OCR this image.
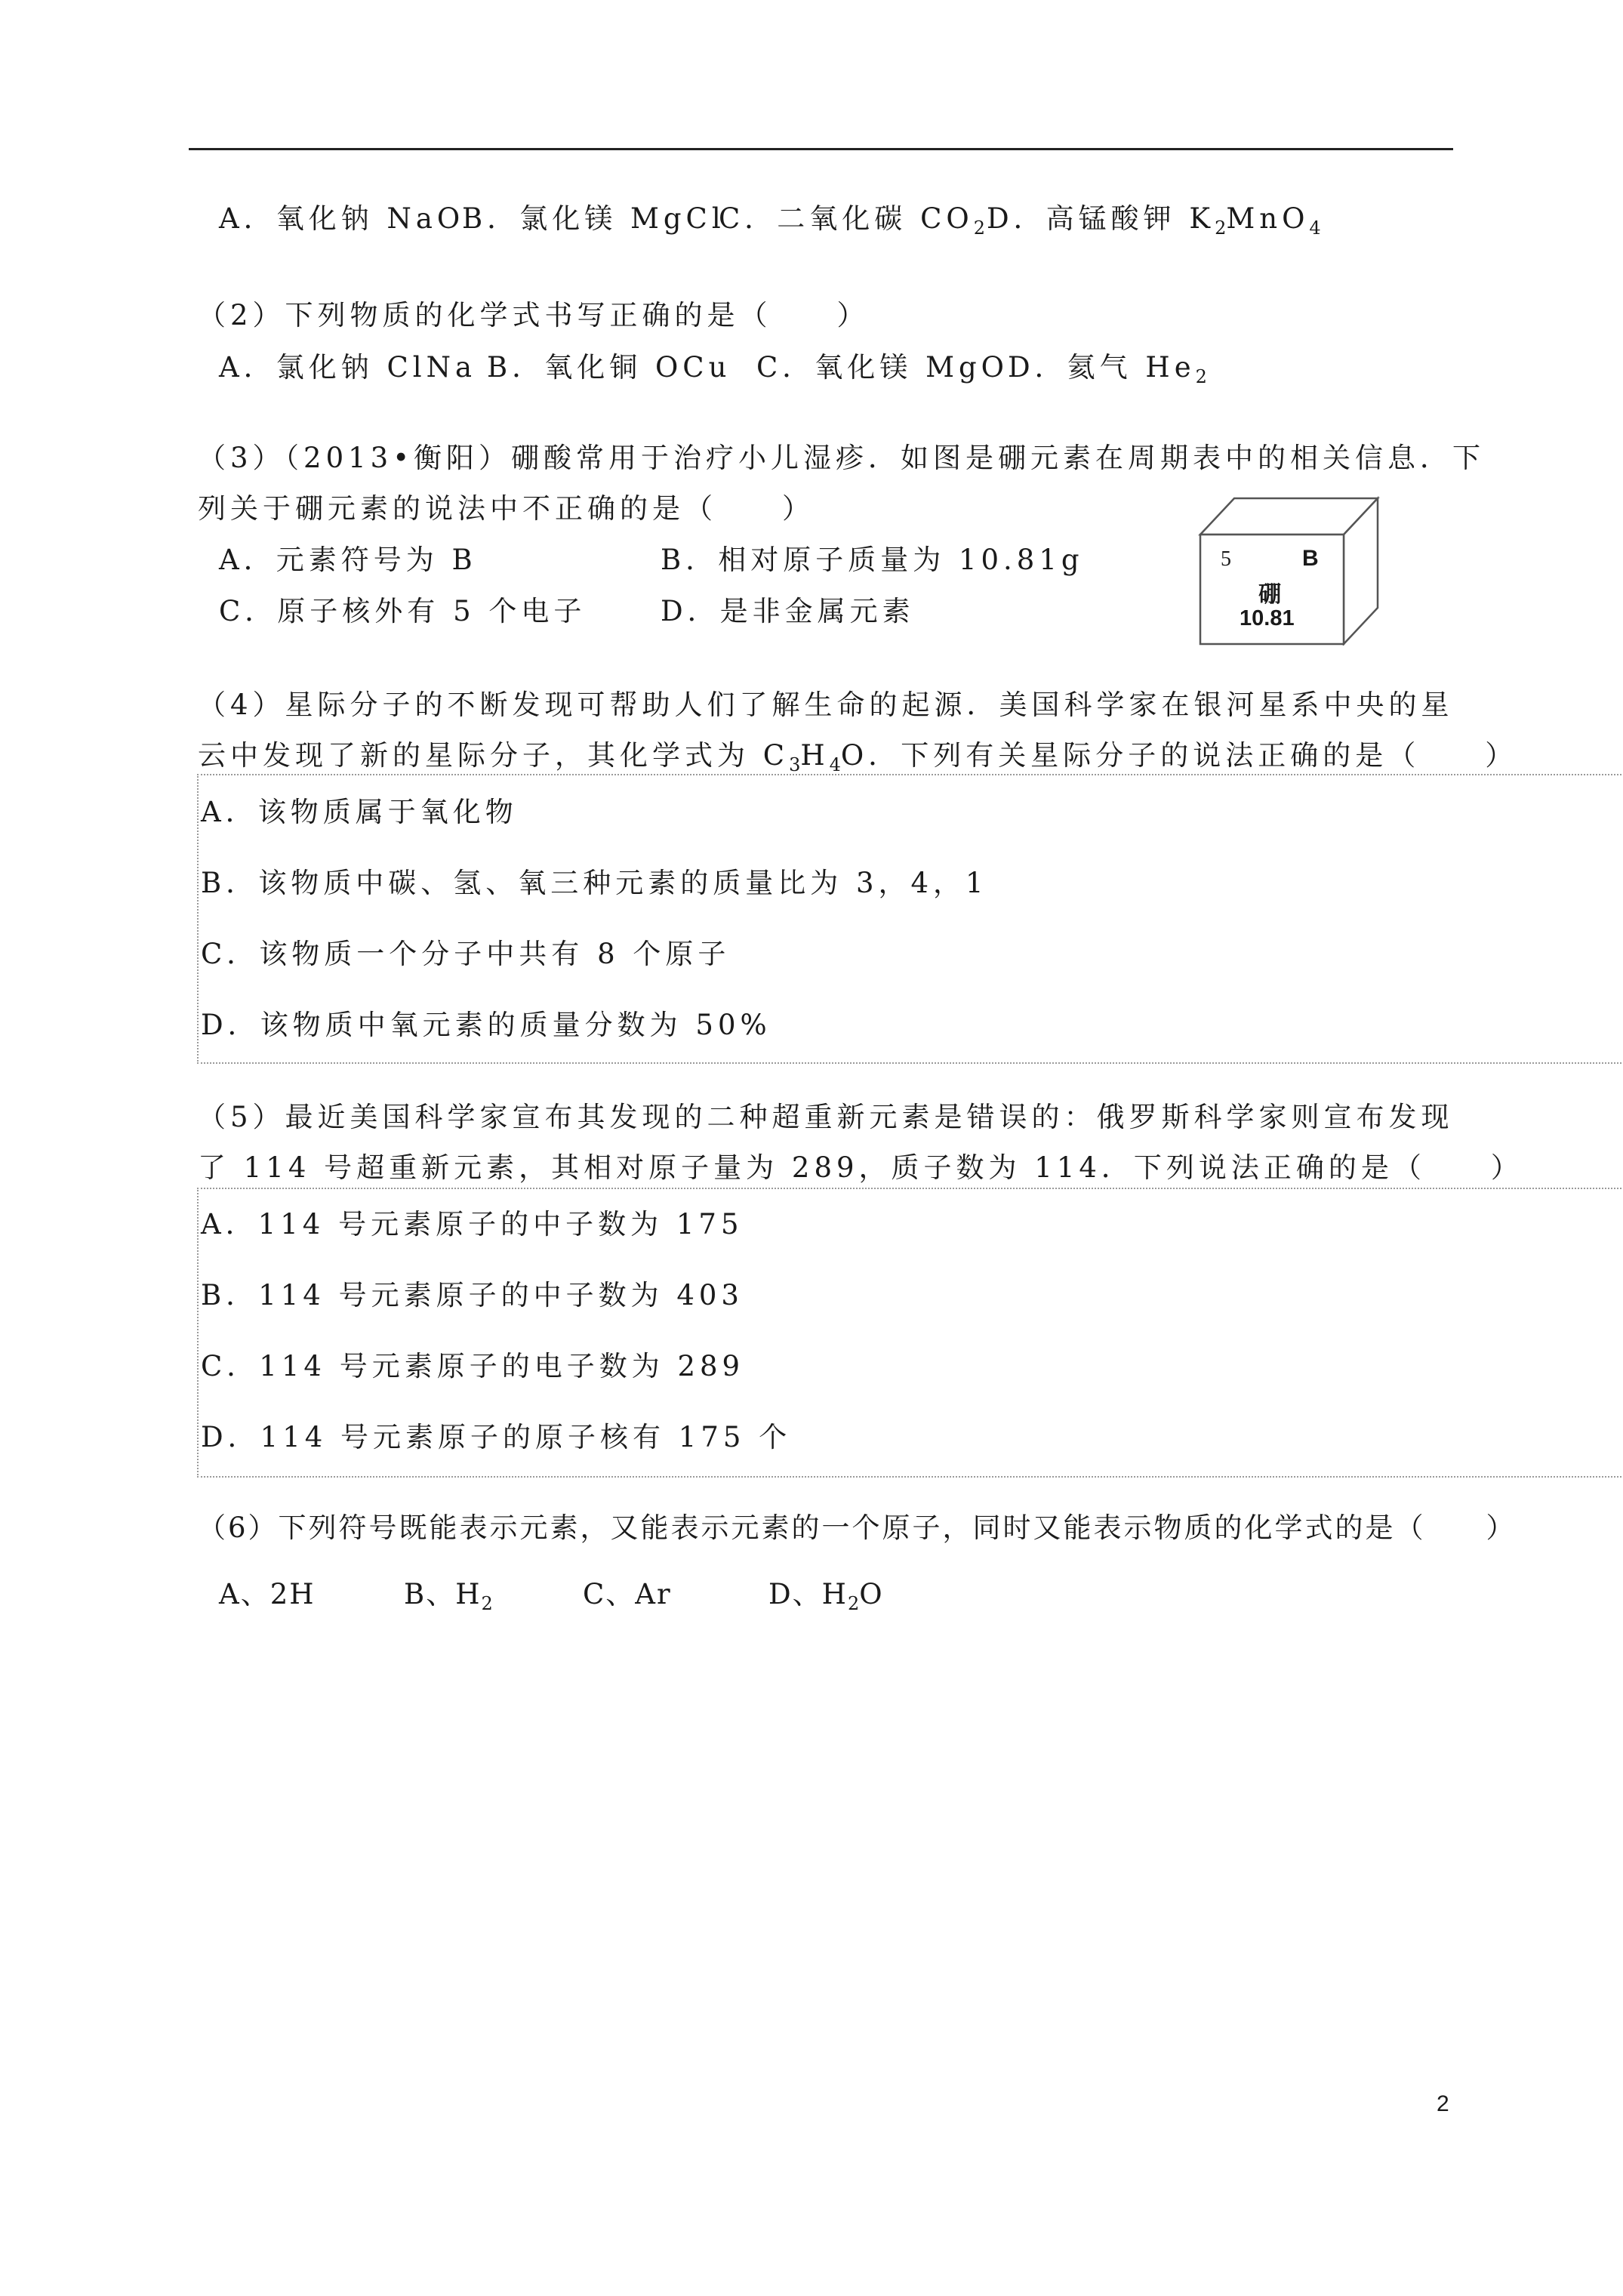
A．氧化钠 NaO
B．氯化镁 MgCl
C．二氧化碳 $CO_2$ D．高锰酸钾 $K_2MnO_4$
（2）下列物质的化学式书写正确的是（　　）
A．氯化钠 ClNa B．氧化铜 OCu C．氧化镁 MgO D．氦气 $He_2$
（3）（2013•衡阳）硼酸常用于治疗小儿湿疹．如图是硼元素在周期表中的相关信息．下
列关于硼元素的说法中不正确的是（　　）
A．元素符号为 B	B．相对原子质量为 10.81g
C．原子核外有 5 个电子	D．是非金属元素
5	B
硼
10.81
（4）星际分子的不断发现可帮助人们了解生命的起源．美国科学家在银河星系中央的星
云中发现了新的星际分子，其化学式为 $C_3H_4O$．下列有关星际分子的说法正确的是（　　）
A．该物质属于氧化物
B．该物质中碳、氢、氧三种元素的质量比为 3，4，1
C．该物质一个分子中共有 8 个原子
D．该物质中氧元素的质量分数为 50%
（5）最近美国科学家宣布其发现的二种超重新元素是错误的：俄罗斯科学家则宣布发现
了 114 号超重新元素，其相对原子量为 289，质子数为 114．下列说法正确的是（　　）
A．114 号元素原子的中子数为 175
B．114 号元素原子的中子数为 403
C．114 号元素原子的电子数为 289
D．114 号元素原子的原子核有 175 个
（6）下列符号既能表示元素，又能表示元素的一个原子，同时又能表示物质的化学式的是（　　）
A、2H	B、$H_2$	C、Ar	D、$H_2O$
2
